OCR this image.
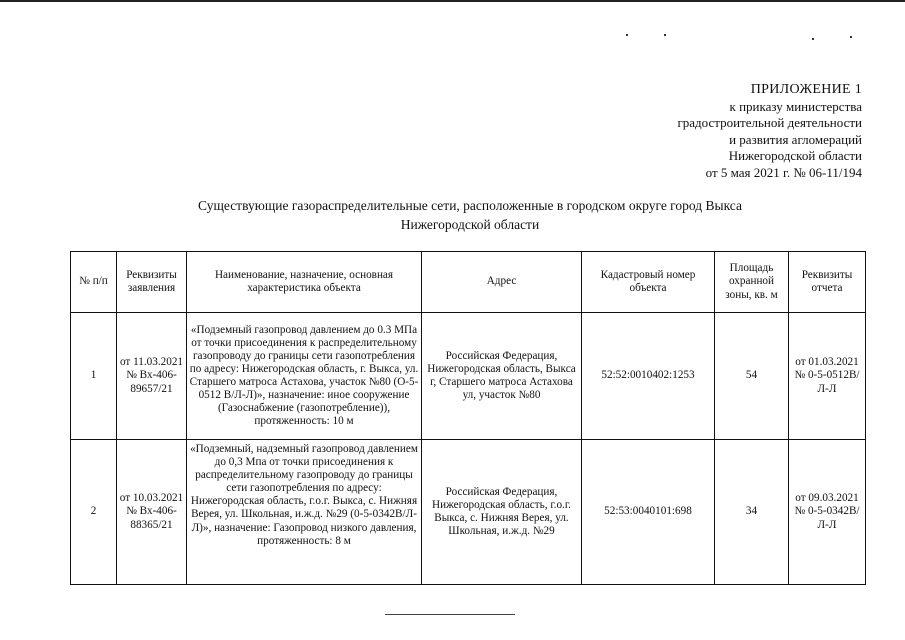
ПРИЛОЖЕНИЕ 1
к приказу министерства
градостроительной деятельности
и развития агломераций
Нижегородской области
от 5 мая 2021 г. № 06-11/194
Существующие газораспределительные сети, расположенные в городском округе город Выкса
Нижегородской области
№ п/п	Реквизиты заявления	Наименование, назначение, основная характеристика объекта	Адрес	Кадастровый номер объекта	Площадь охранной зоны, кв. м	Реквизиты отчета
1	от 11.03.2021 № Вх-406-89657/21	«Подземный газопровод давлением до 0.3 МПа от точки присоединения к распределительному газопроводу до границы сети газопотребления по адресу: Нижегородская область, г. Выкса, ул. Старшего матроса Астахова, участок №80 (О-5-0512 В/Л-Л)», назначение: иное сооружение (Газоснабжение (газопотребление)), протяженность: 10 м	Российская Федерация, Нижегородская область, Выкса г, Старшего матроса Астахова ул, участок №80	52:52:0010402:1253	54	от 01.03.2021 № 0-5-0512В/Л-Л
2	от 10.03.2021 № Вх-406-88365/21	«Подземный, надземный газопровод давлением до 0,3 Мпа от точки присоединения к распределительному газопроводу до границы сети газопотребления по адресу: Нижегородская область, г.о.г. Выкса, с. Нижняя Верея, ул. Школьная, и.ж.д. №29 (0-5-0342В/Л-Л)», назначение: Газопровод низкого давления, протяженность: 8 м	Российская Федерация, Нижегородская область, г.о.г. Выкса, с. Нижняя Верея, ул. Школьная, и.ж.д. №29	52:53:0040101:698	34	от 09.03.2021 № 0-5-0342В/Л-Л
